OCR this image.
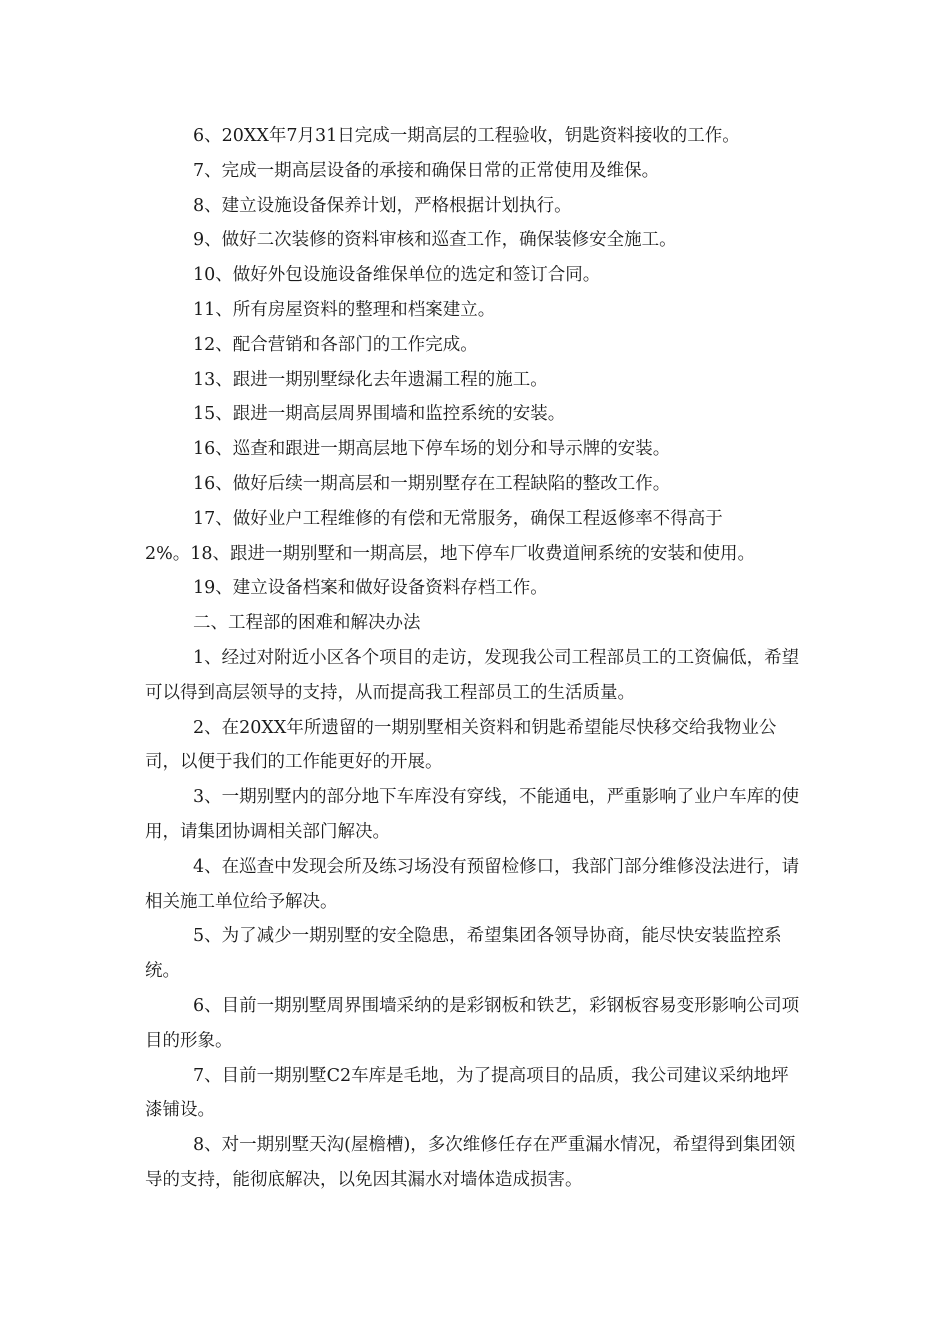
6、20XX年7月31日完成一期高层的工程验收，钥匙资料接收的工作。

7、完成一期高层设备的承接和确保日常的正常使用及维保。

8、建立设施设备保养计划，严格根据计划执行。

9、做好二次装修的资料审核和巡查工作，确保装修安全施工。

10、做好外包设施设备维保单位的选定和签订合同。

11、所有房屋资料的整理和档案建立。

12、配合营销和各部门的工作完成。

13、跟进一期别墅绿化去年遗漏工程的施工。

15、跟进一期高层周界围墙和监控系统的安装。

16、巡查和跟进一期高层地下停车场的划分和导示牌的安装。

16、做好后续一期高层和一期别墅存在工程缺陷的整改工作。

17、做好业户工程维修的有偿和无常服务，确保工程返修率不得高于

2%。18、跟进一期别墅和一期高层，地下停车厂收费道闸系统的安装和使用。

19、建立设备档案和做好设备资料存档工作。

二、工程部的困难和解决办法

1、经过对附近小区各个项目的走访，发现我公司工程部员工的工资偏低，希望可以得到高层领导的支持，从而提高我工程部员工的生活质量。

2、在20XX年所遗留的一期别墅相关资料和钥匙希望能尽快移交给我物业公司，以便于我们的工作能更好的开展。

3、一期别墅内的部分地下车库没有穿线，不能通电，严重影响了业户车库的使用，请集团协调相关部门解决。

4、在巡查中发现会所及练习场没有预留检修口，我部门部分维修没法进行，请相关施工单位给予解决。

5、为了减少一期别墅的安全隐患，希望集团各领导协商，能尽快安装监控系统。

6、目前一期别墅周界围墙采纳的是彩钢板和铁艺，彩钢板容易变形影响公司项目的形象。

7、目前一期别墅C2车库是毛地，为了提高项目的品质，我公司建议采纳地坪漆铺设。

8、对一期别墅天沟(屋檐槽)，多次维修任存在严重漏水情况，希望得到集团领导的支持，能彻底解决，以免因其漏水对墙体造成损害。
